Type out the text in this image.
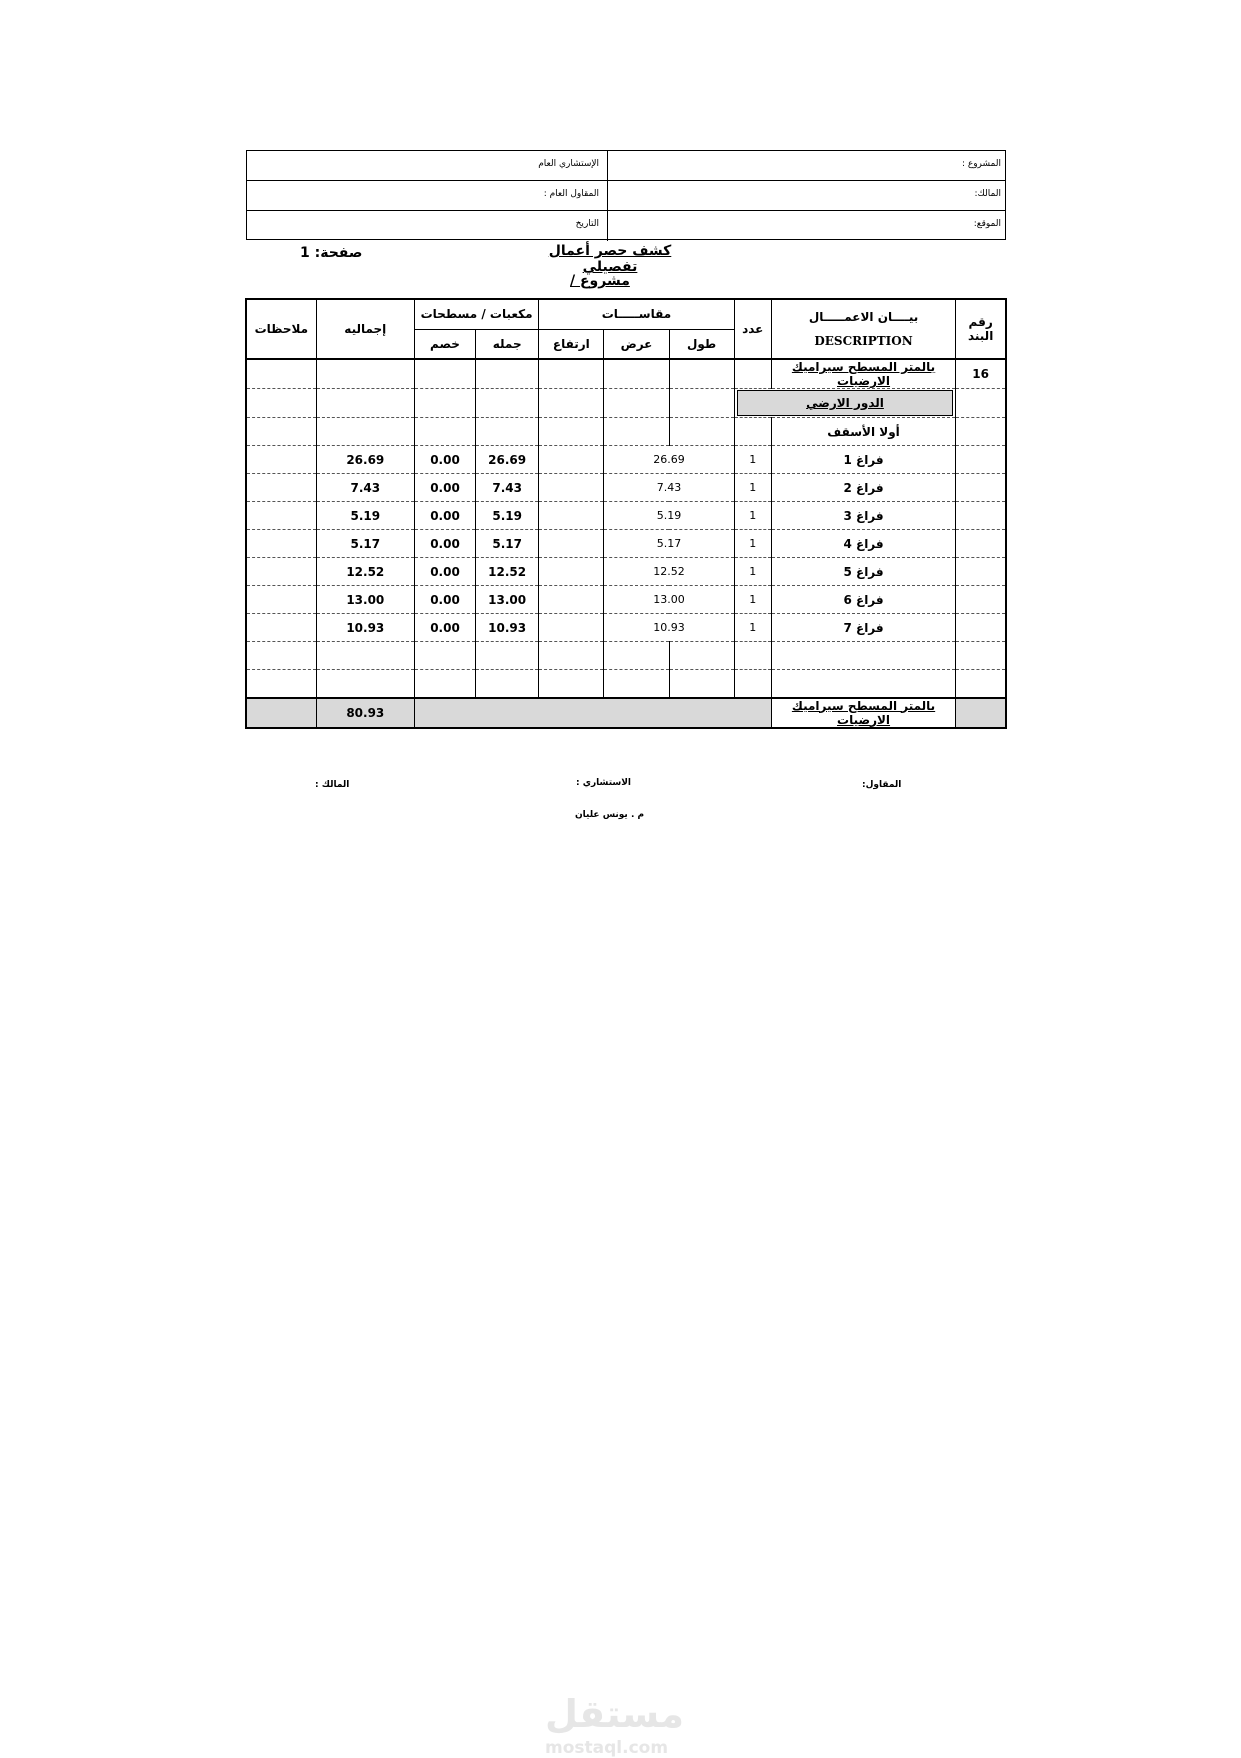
المشروع :
الإستشاري العام
المالك:
المقاول العام :
الموقع:
التاريخ
كشف حصر أعمال تفصيلي
صفحة: 1
مشروع /
ملاحظات	إجماليه	مكعبات / مسطحات		مقاســـــات			عدد	بيــــان الاعمـــــال
DESCRIPTION	رقم البند
		خصم	جمله	ارتفاع	عرض	طول			
								بالمتر المسطح سيراميك الارضيات	16

							الدور الارضي		

								أولا الأسقف	
	26.69	0.00	26.69		26.69		1	فراغ 1	
	7.43	0.00	7.43		7.43		1	فراغ 2	
	5.19	0.00	5.19		5.19		1	فراغ 3	
	5.17	0.00	5.17		5.17		1	فراغ 4	
	12.52	0.00	12.52		12.52		1	فراغ 5	
	13.00	0.00	13.00		13.00		1	فراغ 6	
	10.93	0.00	10.93		10.93		1	فراغ 7	

	80.93							بالمتر المسطح سيراميك الارضيات	
المقاول:
الاستشاري :
المالك :
م . يونس عليان
مستقل
mostaql.com
